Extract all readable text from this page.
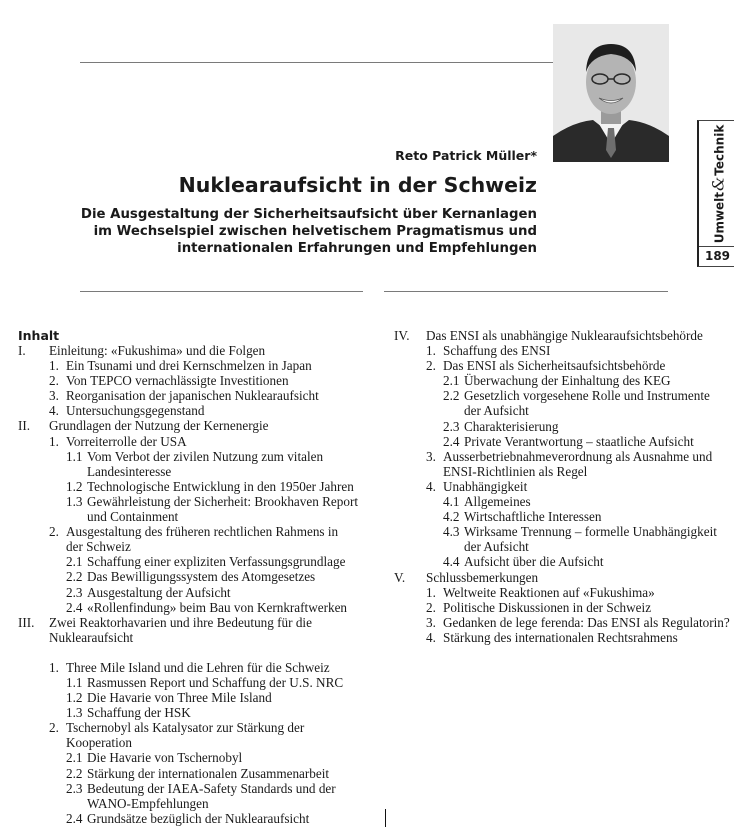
Umwelt&Technik
189
Reto Patrick Müller*
Nuklearaufsicht in der Schweiz
Die Ausgestaltung der Sicherheitsaufsicht über Kernanlagen
im Wechselspiel zwischen helvetischem Pragmatismus und
internationalen Erfahrungen und Empfehlungen
Inhalt
I.	Einleitung: «Fukushima» und die Folgen
1. Ein Tsunami und drei Kernschmelzen in Japan
2. Von TEPCO vernachlässigte Investitionen
3. Reorganisation der japanischen Nuklearaufsicht
4. Untersuchungsgegenstand
II.	Grundlagen der Nutzung der Kernenergie
1. Vorreiterrolle der USA
1.1 Vom Verbot der zivilen Nutzung zum vitalen Landesinteresse
1.2 Technologische Entwicklung in den 1950er Jahren
1.3 Gewährleistung der Sicherheit: Brookhaven Report und Containment
2. Ausgestaltung des früheren rechtlichen Rahmens in der Schweiz
2.1 Schaffung einer expliziten Verfassungsgrundlage
2.2 Das Bewilligungssystem des Atomgesetzes
2.3 Ausgestaltung der Aufsicht
2.4 «Rollenfindung» beim Bau von Kernkraftwerken
III.	Zwei Reaktorhavarien und ihre Bedeutung für die Nuklearaufsicht
1. Three Mile Island und die Lehren für die Schweiz
1.1 Rasmussen Report und Schaffung der U.S. NRC
1.2 Die Havarie von Three Mile Island
1.3 Schaffung der HSK
2. Tschernobyl als Katalysator zur Stärkung der Kooperation
2.1 Die Havarie von Tschernobyl
2.2 Stärkung der internationalen Zusammenarbeit
2.3 Bedeutung der IAEA-Safety Standards und der WANO-Empfehlungen
2.4 Grundsätze bezüglich der Nuklearaufsicht
IV.	Das ENSI als unabhängige Nuklearaufsichtsbehörde
1. Schaffung des ENSI
2. Das ENSI als Sicherheitsaufsichtsbehörde
2.1 Überwachung der Einhaltung des KEG
2.2 Gesetzlich vorgesehene Rolle und Instrumente der Aufsicht
2.3 Charakterisierung
2.4 Private Verantwortung – staatliche Aufsicht
3. Ausserbetriebnahmeverordnung als Ausnahme und ENSI-Richtlinien als Regel
4. Unabhängigkeit
4.1 Allgemeines
4.2 Wirtschaftliche Interessen
4.3 Wirksame Trennung – formelle Unabhängigkeit der Aufsicht
4.4 Aufsicht über die Aufsicht
V.	Schlussbemerkungen
1. Weltweite Reaktionen auf «Fukushima»
2. Politische Diskussionen in der Schweiz
3. Gedanken de lege ferenda: Das ENSI als Regulatorin?
4. Stärkung des internationalen Rechtsrahmens
